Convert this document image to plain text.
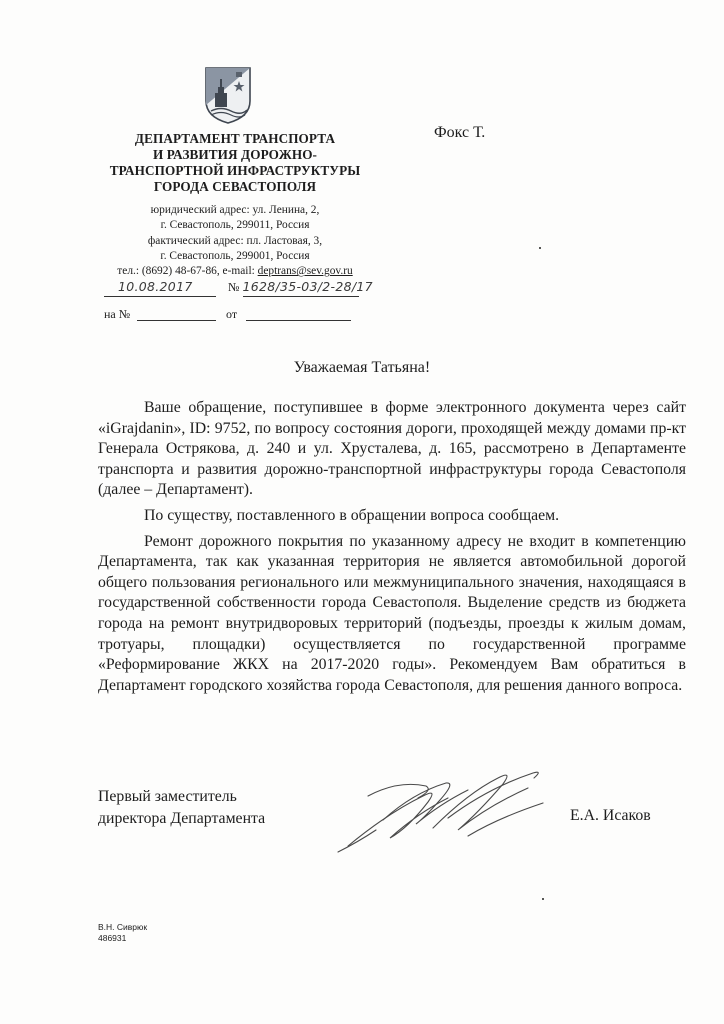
ДЕПАРТАМЕНТ ТРАНСПОРТА
И РАЗВИТИЯ ДОРОЖНО-
ТРАНСПОРТНОЙ ИНФРАСТРУКТУРЫ
ГОРОДА СЕВАСТОПОЛЯ
юридический адрес: ул. Ленина, 2,
г. Севастополь, 299011, Россия
фактический адрес: пл. Ластовая, 3,
г. Севастополь, 299001, Россия
тел.: (8692) 48-67-86, e-mail: deptrans@sev.gov.ru
10.08.2017	№ 1628/35-03/2-28/17
на №	от
Фокс Т.
Уважаемая Татьяна!

Ваше обращение, поступившее в форме электронного документа через сайт «iGrajdanin», ID: 9752, по вопросу состояния дороги, проходящей между домами пр-кт Генерала Острякова, д. 240 и ул. Хрусталева, д. 165, рассмотрено в Департаменте транспорта и развития дорожно-транспортной инфраструктуры города Севастополя (далее – Департамент).

По существу, поставленного в обращении вопроса сообщаем.

Ремонт дорожного покрытия по указанному адресу не входит в компетенцию Департамента, так как указанная территория не является автомобильной дорогой общего пользования регионального или межмуниципального значения, находящаяся в государственной собственности города Севастополя. Выделение средств из бюджета города на ремонт внутридворовых территорий (подъезды, проезды к жилым домам, тротуары, площадки) осуществляется по государственной программе «Реформирование ЖКХ на 2017-2020 годы». Рекомендуем Вам обратиться в Департамент городского хозяйства города Севастополя, для решения данного вопроса.

Первый заместитель
директора Департамента	Е.А. Исаков
В.Н. Сиврюк
486931
